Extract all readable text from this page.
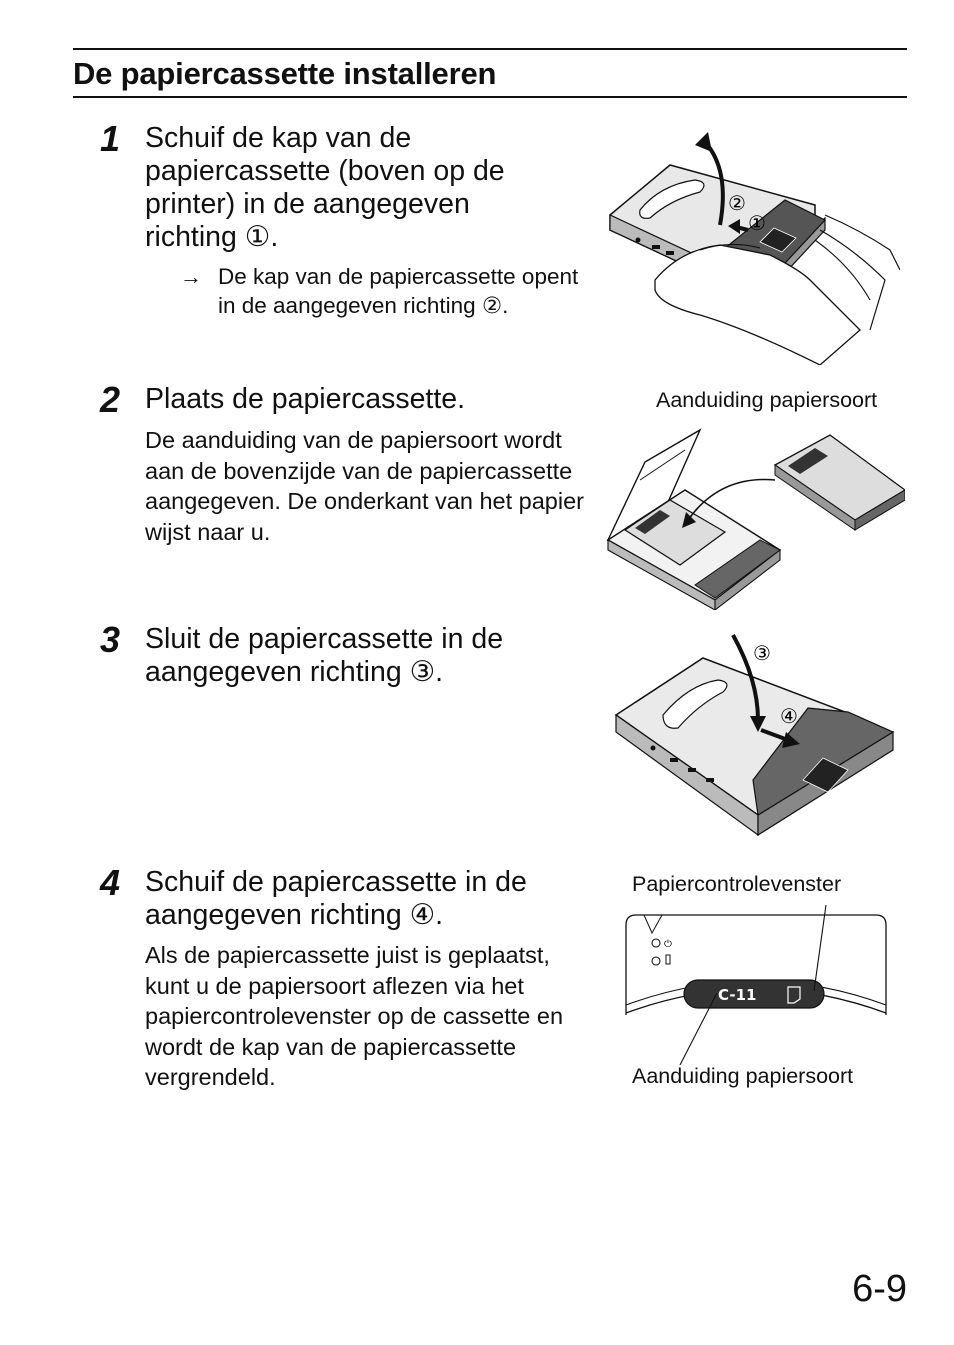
De papiercassette installeren
1 Schuif de kap van de papiercassette (boven op de printer) in de aangegeven richting ①.
→ De kap van de papiercassette opent in de aangegeven richting ②.
2 Plaats de papiercassette.
De aanduiding van de papiersoort wordt aan de bovenzijde van de papiercassette aangegeven. De onderkant van het papier wijst naar u.
3 Sluit de papiercassette in de aangegeven richting ③.
4 Schuif de papiercassette in de aangegeven richting ④.
Als de papiercassette juist is geplaatst, kunt u de papiersoort aflezen via het papiercontrolevenster op de cassette en wordt de kap van de papiercassette vergrendeld.
②
①
Aanduiding papiersoort
③
④
Papiercontrolevenster
⏻
C-11
Aanduiding papiersoort
6-9
